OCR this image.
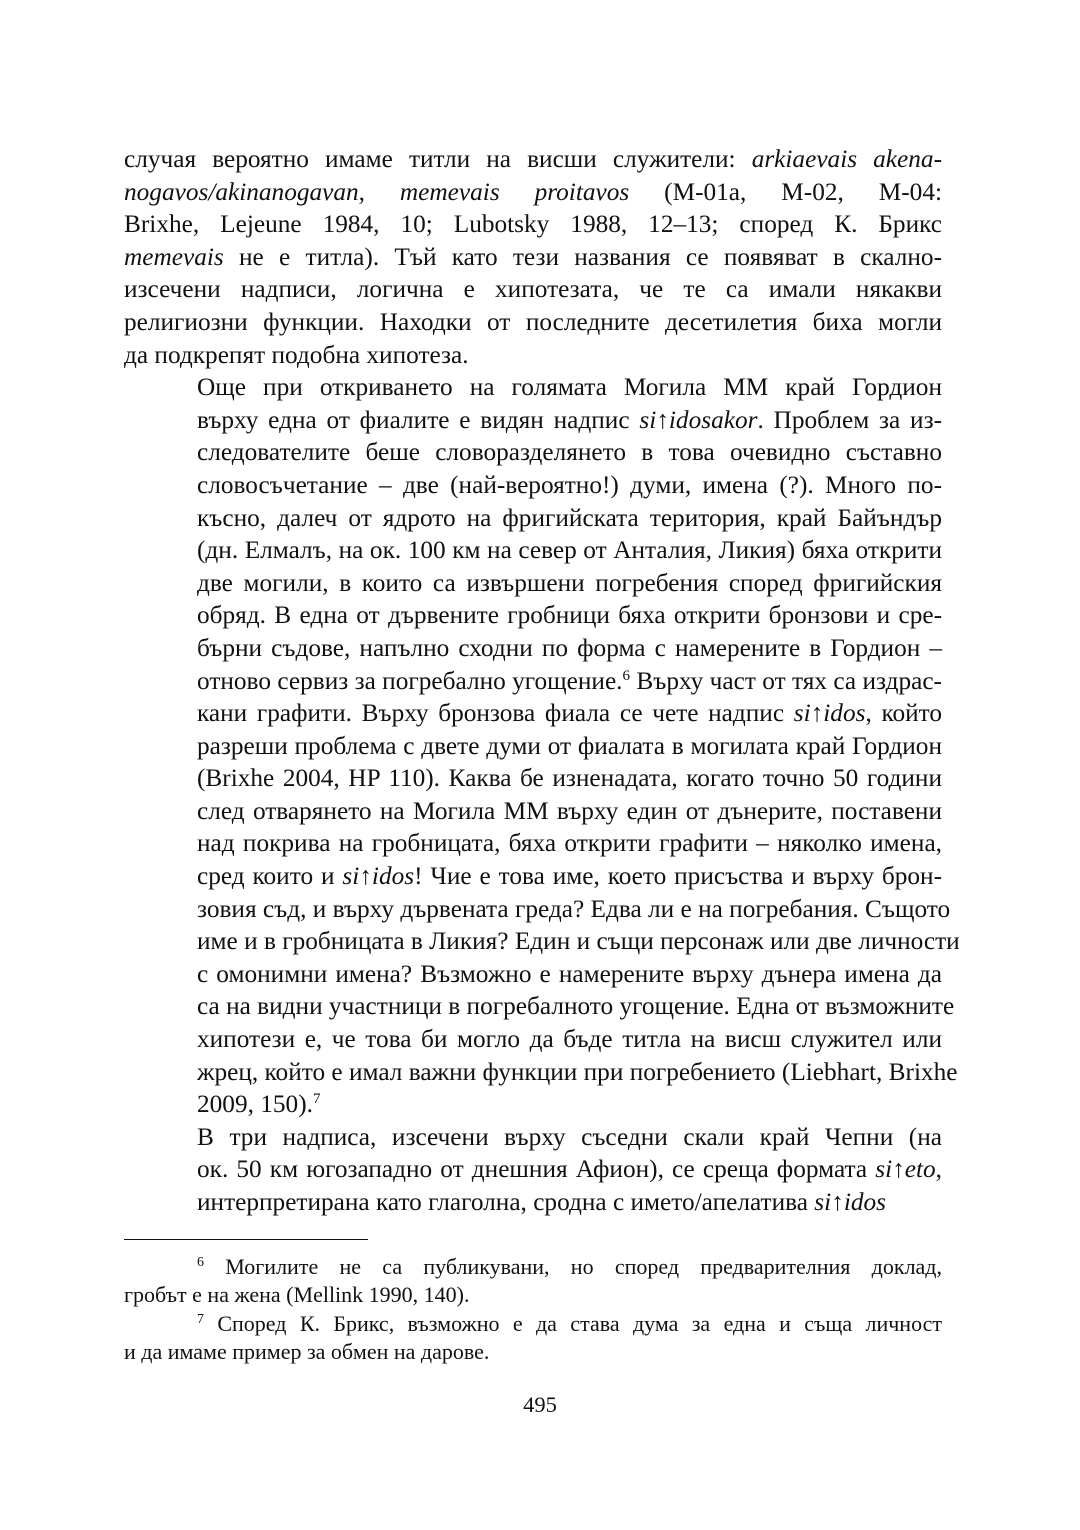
случая вероятно имаме титли на висши служители: arkiaevais akena-
nogavos/akinanogavan, memevais proitavos (M-01a, M-02, M-04:
Brixhe, Lejeune 1984, 10; Lubotsky 1988, 12–13; според К. Брикс
memevais не е титла). Тъй като тези названия се появяват в скално-
изсечени надписи, логична е хипотезата, че те са имали някакви
религиозни функции. Находки от последните десетилетия биха могли
да подкрепят подобна хипотеза.
Още при откриването на голямата Могила ММ край Гордион
върху една от фиалите е видян надпис si↑idosakor. Проблем за из-
следователите беше словоразделянето в това очевидно съставно
словосъчетание – две (най-вероятно!) думи, имена (?). Много по-
късно, далеч от ядрото на фригийската територия, край Байъндър
(дн. Елмалъ, на ок. 100 км на север от Анталия, Ликия) бяха открити
две могили, в които са извършени погребения според фригийския
обряд. В една от дървените гробници бяха открити бронзови и сре-
бърни съдове, напълно сходни по форма с намерените в Гордион –
отново сервиз за погребално угощение.$^6$ Върху част от тях са издрас-
кани графити. Върху бронзова фиала се чете надпис si↑idos, който
разреши проблема с двете думи от фиалата в могилата край Гордион
(Brixhe 2004, HP 110). Каква бе изненадата, когато точно 50 години
след отварянето на Могила ММ върху един от дънерите, поставени
над покрива на гробницата, бяха открити графити – няколко имена,
сред които и si↑idos! Чие е това име, което присъства и върху брон-
зовия съд, и върху дървената греда? Едва ли е на погребания. Същото
име и в гробницата в Ликия? Един и същи персонаж или две личности
с омонимни имена? Възможно е намерените върху дънера имена да
са на видни участници в погребалното угощение. Една от възможните
хипотези е, че това би могло да бъде титла на висш служител или
жрец, който е имал важни функции при погребението (Liebhart, Brixhe
2009, 150).$^7$
В три надписа, изсечени върху съседни скали край Чепни (на
ок. 50 км югозападно от днешния Афион), се среща формата si↑eto,
интерпретирана като глаголна, сродна с името/апелатива si↑idos
$^6$ Могилите не са публикувани, но според предварителния доклад,
гробът е на жена (Mellink 1990, 140).
$^7$ Според К. Брикс, възможно е да става дума за една и съща личност
и да имаме пример за обмен на дарове.
495
